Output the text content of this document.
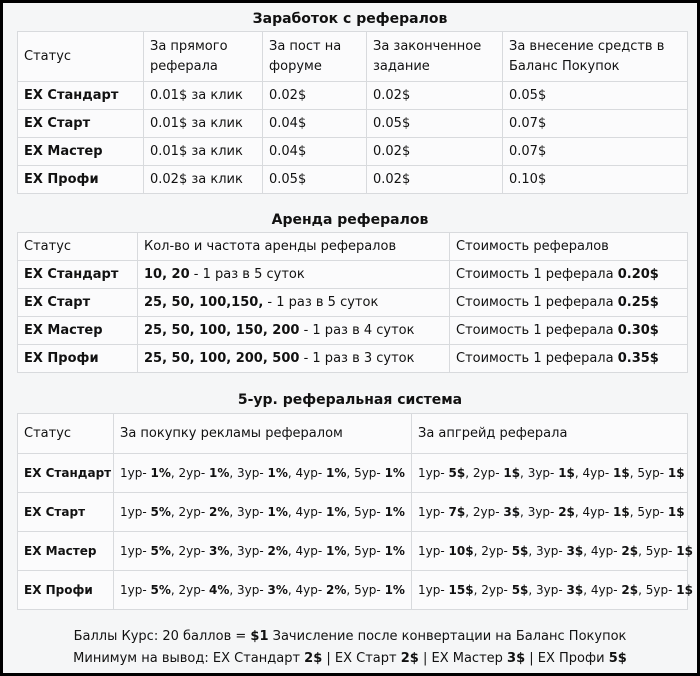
Заработок с рефералов
Статус	За прямого реферала	За пост на форуме	За законченное задание	За внесение средств в Баланс Покупок
EX Стандарт	0.01$ за клик	0.02$	0.02$	0.05$
EX Старт	0.01$ за клик	0.04$	0.05$	0.07$
EX Мастер	0.01$ за клик	0.04$	0.02$	0.07$
EX Профи	0.02$ за клик	0.05$	0.02$	0.10$
Аренда рефералов
Статус	Кол-во и частота аренды рефералов	Стоимость рефералов
EX Стандарт	10, 20 - 1 раз в 5 суток	Стоимость 1 реферала 0.20$
EX Старт	25, 50, 100,150, - 1 раз в 5 суток	Стоимость 1 реферала 0.25$
EX Мастер	25, 50, 100, 150, 200 - 1 раз в 4 суток	Стоимость 1 реферала 0.30$
EX Профи	25, 50, 100, 200, 500 - 1 раз в 3 суток	Стоимость 1 реферала 0.35$
5-ур. реферальная система
Статус	За покупку рекламы рефералом	За апгрейд реферала
EX Стандарт	1ур- 1%, 2ур- 1%, 3ур- 1%, 4ур- 1%, 5ур- 1%	1ур- 5$, 2ур- 1$, 3ур- 1$, 4ур- 1$, 5ур- 1$
EX Старт	1ур- 5%, 2ур- 2%, 3ур- 1%, 4ур- 1%, 5ур- 1%	1ур- 7$, 2ур- 3$, 3ур- 2$, 4ур- 1$, 5ур- 1$
EX Мастер	1ур- 5%, 2ур- 3%, 3ур- 2%, 4ур- 1%, 5ур- 1%	1ур- 10$, 2ур- 5$, 3ур- 3$, 4ур- 2$, 5ур- 1$
EX Профи	1ур- 5%, 2ур- 4%, 3ур- 3%, 4ур- 2%, 5ур- 1%	1ур- 15$, 2ур- 5$, 3ур- 3$, 4ур- 2$, 5ур- 1$
Баллы Курс: 20 баллов = $1 Зачисление после конвертации на Баланс Покупок
Минимум на вывод: EX Стандарт 2$ | EX Старт 2$ | EX Мастер 3$ | EX Профи 5$
